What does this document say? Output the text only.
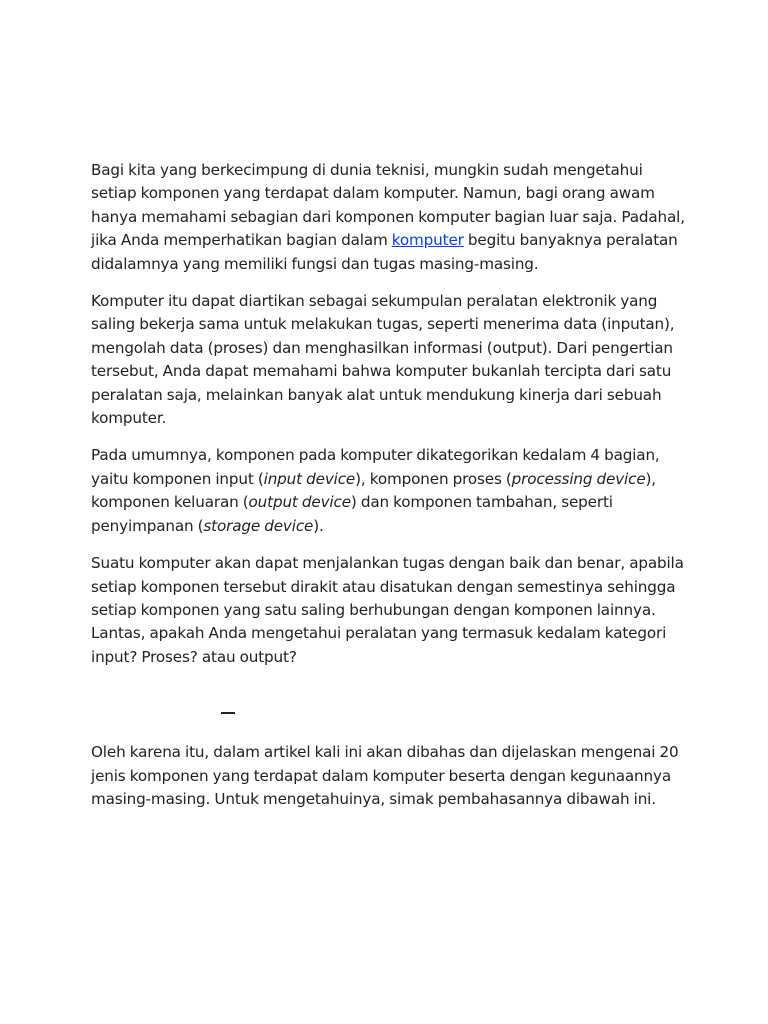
Bagi kita yang berkecimpung di dunia teknisi, mungkin sudah mengetahui setiap komponen yang terdapat dalam komputer. Namun, bagi orang awam hanya memahami sebagian dari komponen komputer bagian luar saja. Padahal, jika Anda memperhatikan bagian dalam komputer begitu banyaknya peralatan didalamnya yang memiliki fungsi dan tugas masing-masing.

Komputer itu dapat diartikan sebagai sekumpulan peralatan elektronik yang saling bekerja sama untuk melakukan tugas, seperti menerima data (inputan), mengolah data (proses) dan menghasilkan informasi (output). Dari pengertian tersebut, Anda dapat memahami bahwa komputer bukanlah tercipta dari satu peralatan saja, melainkan banyak alat untuk mendukung kinerja dari sebuah komputer.

Pada umumnya, komponen pada komputer dikategorikan kedalam 4 bagian, yaitu komponen input (input device), komponen proses (processing device), komponen keluaran (output device) dan komponen tambahan, seperti penyimpanan (storage device).

Suatu komputer akan dapat menjalankan tugas dengan baik dan benar, apabila setiap komponen tersebut dirakit atau disatukan dengan semestinya sehingga setiap komponen yang satu saling berhubungan dengan komponen lainnya. Lantas, apakah Anda mengetahui peralatan yang termasuk kedalam kategori input? Proses? atau output?

Oleh karena itu, dalam artikel kali ini akan dibahas dan dijelaskan mengenai 20 jenis komponen yang terdapat dalam komputer beserta dengan kegunaannya masing-masing. Untuk mengetahuinya, simak pembahasannya dibawah ini.
